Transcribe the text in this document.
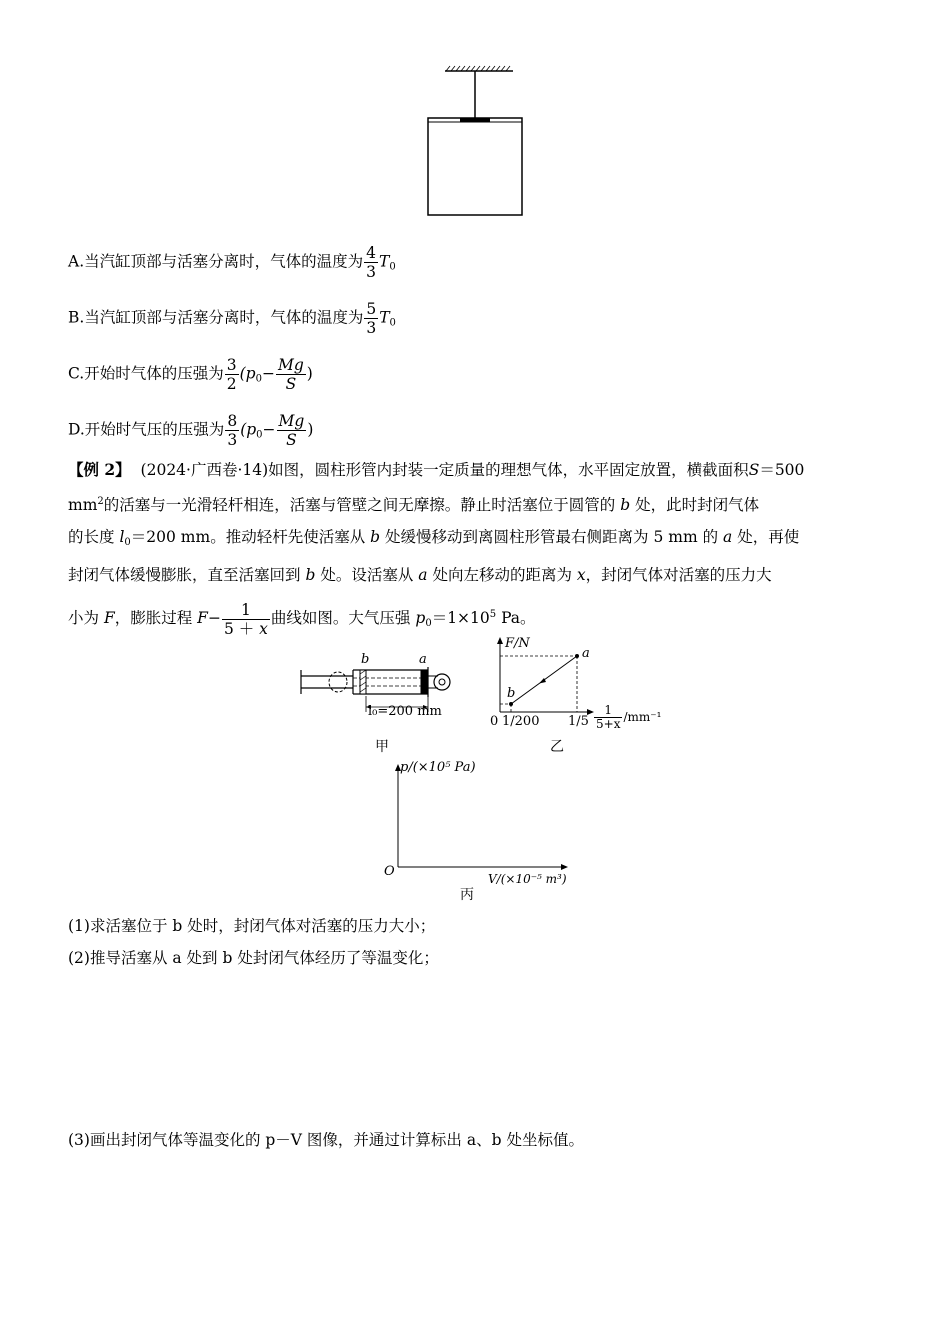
A.当汽缸顶部与活塞分离时，气体的温度为 $\frac{4}{3} T_0$
B.当汽缸顶部与活塞分离时，气体的温度为 $\frac{5}{3} T_0$
C.开始时气体的压强为 $\frac{3}{2} (p_0- \frac{Mg}{S}$ )
D.开始时气压的压强为 $\frac{8}{3} (p_0- \frac{Mg}{S}$ )
【例 2】 (2024·广西卷·14)如图，圆柱形管内封装一定质量的理想气体，水平固定放置，横截面积S＝500
$mm^2$的活塞与一光滑轻杆相连，活塞与管壁之间无摩擦。静止时活塞位于圆管的 b 处，此时封闭气体
的长度 $l_0=200$ mm。推动轻杆先使活塞从 b 处缓慢移动到离圆柱形管最右侧距离为 5 mm 的 a 处，再使
封闭气体缓慢膨胀，直至活塞回到 b 处。设活塞从 a 处向左移动的距离为 x，封闭气体对活塞的压力大
小为 F，膨胀过程 $F- \frac{1}{5 + x}$ 曲线如图。大气压强 $p_0=1\times 10^5$ Pa。
b	a
l₀=200 mm
甲
F/N
a
b
0 1/200 $1/5 \frac{1}{5+x} /mm^{-1}$
乙
p/(×10⁵ Pa)
O	V/(×10⁻⁵ m³)
丙
(1)求活塞位于 b 处时，封闭气体对活塞的压力大小；
(2)推导活塞从 a 处到 b 处封闭气体经历了等温变化；
(3)画出封闭气体等温变化的 p－V 图像，并通过计算标出 a、b 处坐标值。
